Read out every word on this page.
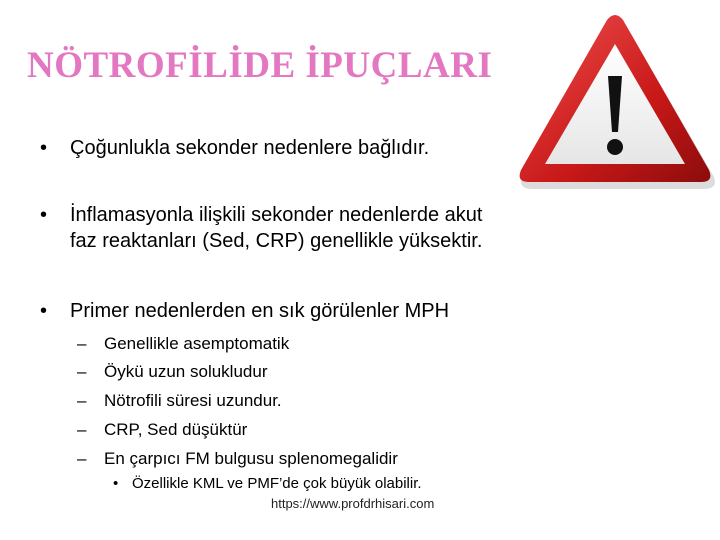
NÖTROFİLİDE İPUÇLARI
• Çoğunlukla sekonder nedenlere bağlıdır.
• İnflamasyonla ilişkili sekonder nedenlerde akut
faz reaktanları (Sed, CRP) genellikle yüksektir.
• Primer nedenlerden en sık görülenler MPH
– Genellikle asemptomatik
– Öykü uzun solukludur
– Nötrofili süresi uzundur.
– CRP, Sed düşüktür
– En çarpıcı FM bulgusu splenomegalidir
• Özellikle KML ve PMF’de çok büyük olabilir.
https://www.profdrhisari.com
